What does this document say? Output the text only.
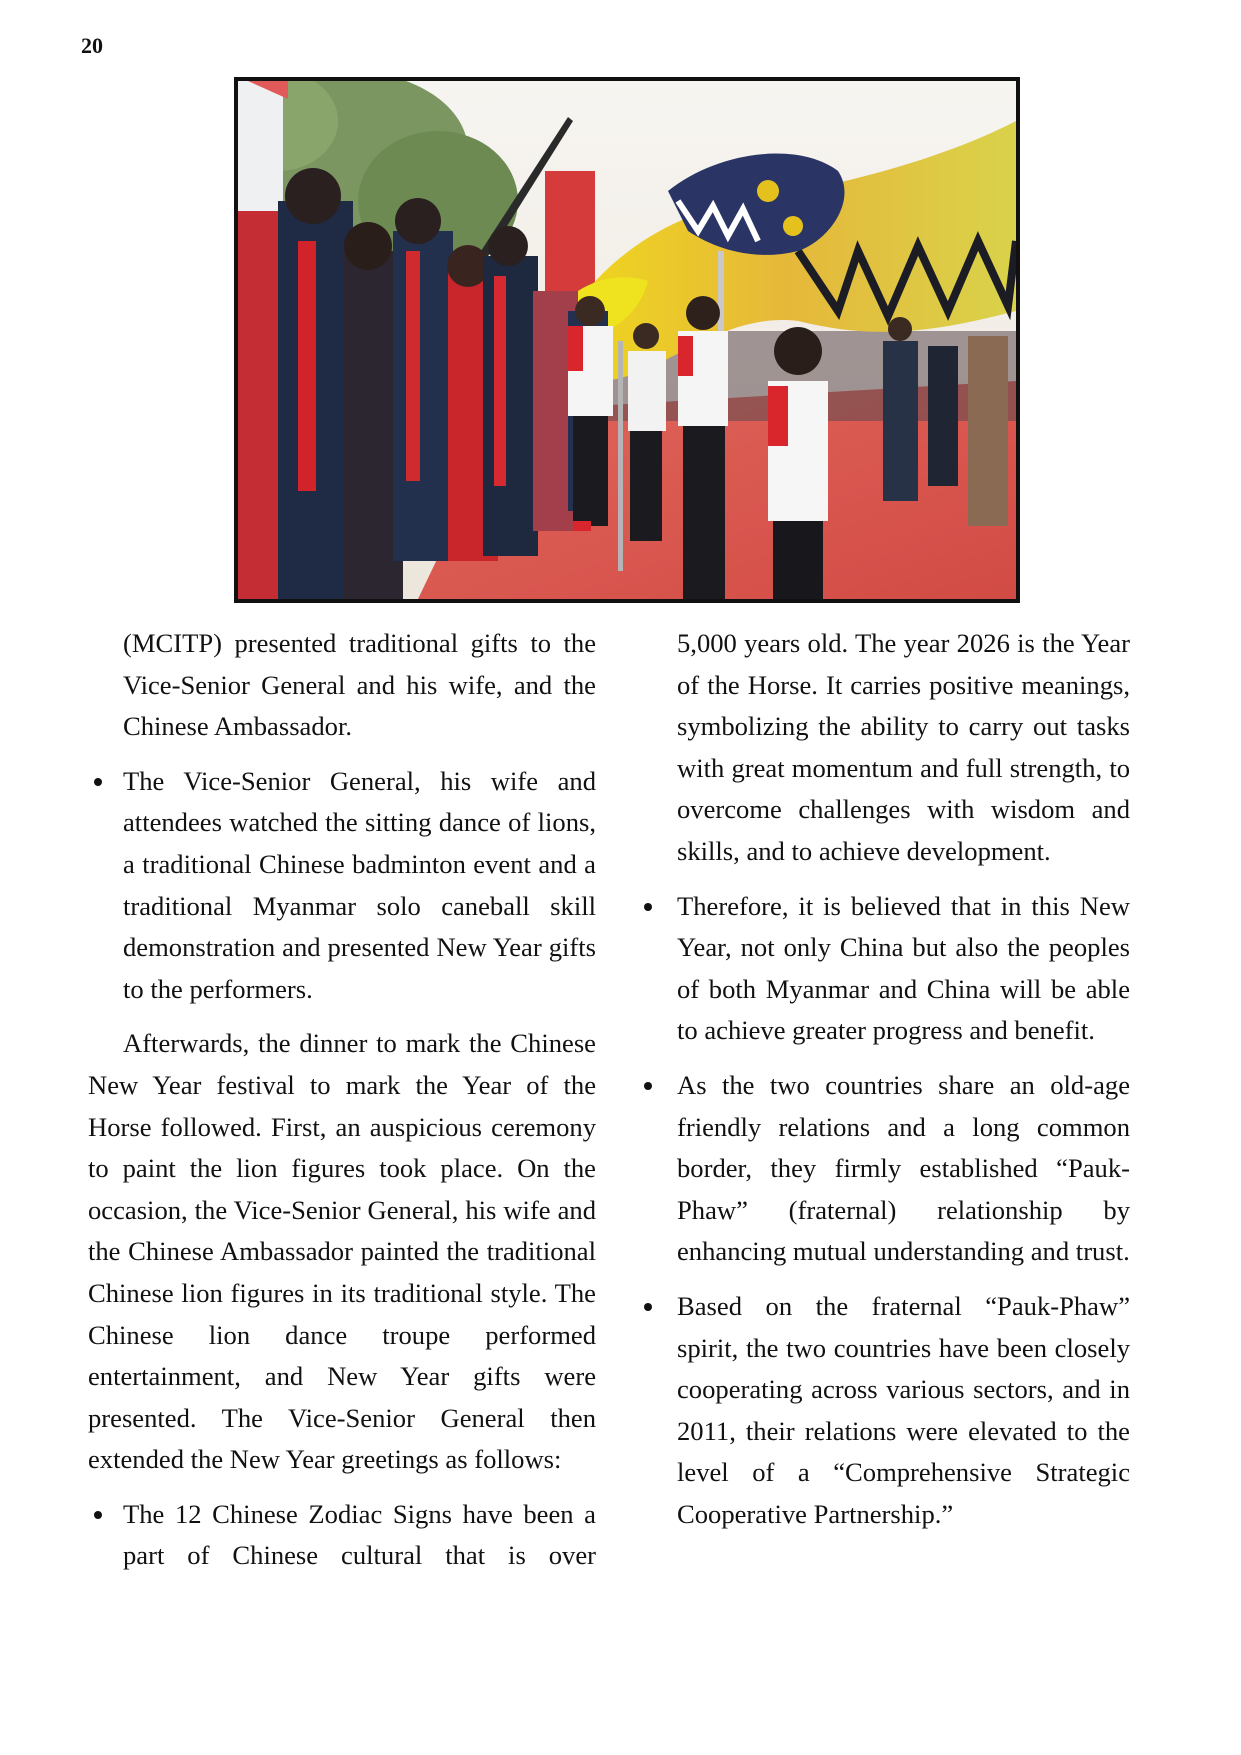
20

(MCITP) presented traditional gifts to the Vice-Senior General and his wife, and the Chinese Ambassador.

The Vice-Senior General, his wife and attendees watched the sitting dance of lions, a traditional Chinese badminton event and a traditional Myanmar solo caneball skill demonstration and presented New Year gifts to the performers.

Afterwards, the dinner to mark the Chinese New Year festival to mark the Year of the Horse followed. First, an auspicious ceremony to paint the lion figures took place. On the occasion, the Vice-Senior General, his wife and the Chinese Ambassador painted the traditional Chinese lion figures in its traditional style. The Chinese lion dance troupe performed entertainment, and New Year gifts were presented. The Vice-Senior General then extended the New Year greetings as follows:

The 12 Chinese Zodiac Signs have been a part of Chinese cultural that is over

5,000 years old. The year 2026 is the Year of the Horse. It carries positive meanings, symbolizing the ability to carry out tasks with great momentum and full strength, to overcome challenges with wisdom and skills, and to achieve development.

Therefore, it is believed that in this New Year, not only China but also the peoples of both Myanmar and China will be able to achieve greater progress and benefit.

As the two countries share an old-age friendly relations and a long common border, they firmly established “Pauk-Phaw” (fraternal) relationship by enhancing mutual understanding and trust.

Based on the fraternal “Pauk-Phaw” spirit, the two countries have been closely cooperating across various sectors, and in 2011, their relations were elevated to the level of a “Comprehensive Strategic Cooperative Partnership.”
